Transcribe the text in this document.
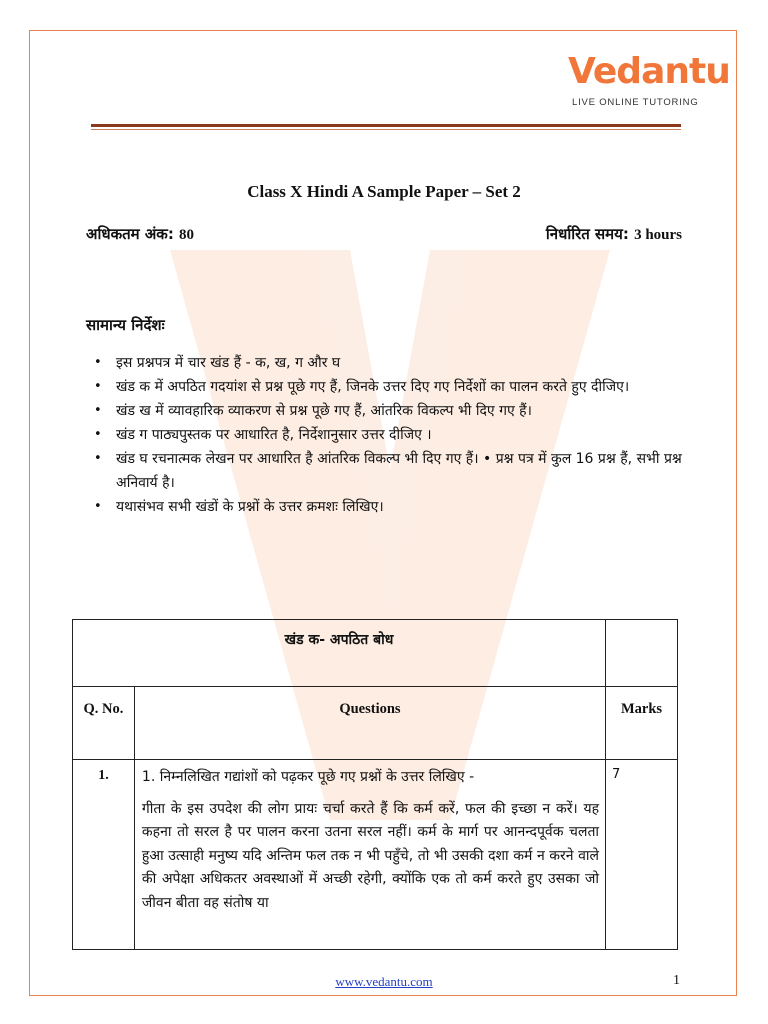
Vedantu
LIVE ONLINE TUTORING
Class X Hindi A Sample Paper – Set 2
अधिकतम अंक: 80	निर्धारित समय: 3 hours
सामान्य निर्देशः
• इस प्रश्नपत्र में चार खंड हैं - क, ख, ग और घ
• खंड क में अपठित गदयांश से प्रश्न पूछे गए हैं, जिनके उत्तर दिए गए निर्देशों का पालन करते हुए दीजिए।
• खंड ख में व्यावहारिक व्याकरण से प्रश्न पूछे गए हैं, आंतरिक विकल्प भी दिए गए हैं।
• खंड ग पाठ्यपुस्तक पर आधारित है, निर्देशानुसार उत्तर दीजिए ।
• खंड घ रचनात्मक लेखन पर आधारित है आंतरिक विकल्प भी दिए गए हैं। • प्रश्न पत्र में कुल 16 प्रश्न हैं, सभी प्रश्न अनिवार्य है।
• यथासंभव सभी खंडों के प्रश्नों के उत्तर क्रमशः लिखिए।
खंड क- अपठित बोध		
Q. No.	Questions	Marks
1.	1. निम्नलिखित गद्यांशों को पढ़कर पूछे गए प्रश्नों के उत्तर लिखिए -

गीता के इस उपदेश की लोग प्रायः चर्चा करते हैं कि कर्म करें, फल की इच्छा न करें। यह कहना तो सरल है पर पालन करना उतना सरल नहीं। कर्म के मार्ग पर आनन्दपूर्वक चलता हुआ उत्साही मनुष्य यदि अन्तिम फल तक न भी पहुँचे, तो भी उसकी दशा कर्म न करने वाले की अपेक्षा अधिकतर अवस्थाओं में अच्छी रहेगी, क्योंकि एक तो कर्म करते हुए उसका जो जीवन बीता वह संतोष या	7
www.vedantu.com	1
